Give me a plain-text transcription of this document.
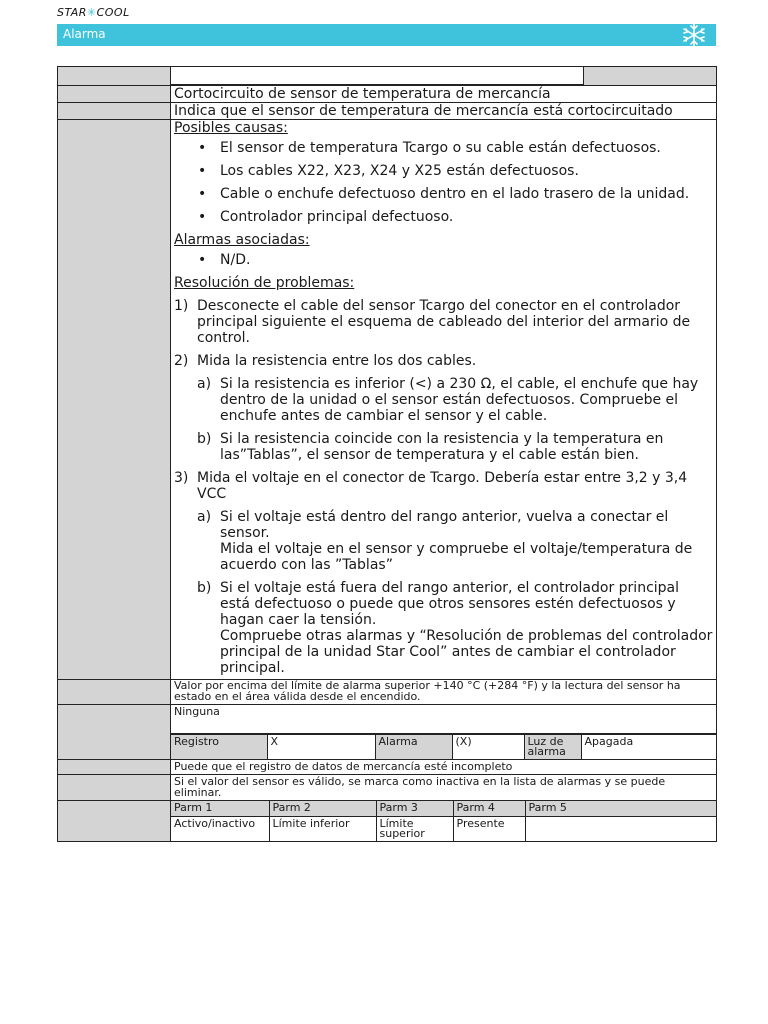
STAR✳COOL
Alarma

	Cortocircuito de sensor de temperatura de mercancía
	Indica que el sensor de temperatura de mercancía está cortocircuitado

Posibles causas:

• El sensor de temperatura Tcargo o su cable están defectuosos.
• Los cables X22, X23, X24 y X25 están defectuosos.
• Cable o enchufe defectuoso dentro en el lado trasero de la unidad.
• Controlador principal defectuoso.

Alarmas asociadas:

• N/D.

Resolución de problemas:

1) Desconecte el cable del sensor Tcargo del conector en el controlador principal siguiente el esquema de cableado del interior del armario de control.

2) Mida la resistencia entre los dos cables.

a) Si la resistencia es inferior (<) a 230 Ω, el cable, el enchufe que hay dentro de la unidad o el sensor están defectuosos. Compruebe el enchufe antes de cambiar el sensor y el cable.

b) Si la resistencia coincide con la resistencia y la temperatura en las”Tablas”, el sensor de temperatura y el cable están bien.

3) Mida el voltaje en el conector de Tcargo. Debería estar entre 3,2 y 3,4 VCC

a) Si el voltaje está dentro del rango anterior, vuelva a conectar el sensor.

Mida el voltaje en el sensor y compruebe el voltaje/temperatura de acuerdo con las ”Tablas”

b) Si el voltaje está fuera del rango anterior, el controlador principal está defectuoso o puede que otros sensores estén defectuosos y hagan caer la tensión.

Compruebe otras alarmas y “Resolución de problemas del controlador principal de la unidad Star Cool” antes de cambiar el controlador principal.

	Valor por encima del límite de alarma superior +140 °C (+284 °F) y la lectura del sensor ha estado en el área válida desde el encendido.

Ninguna
Registro	X	Alarma	(X)	Luz de alarma	Apagada

	Puede que el registro de datos de mercancía esté incompleto
	Si el valor del sensor es válido, se marca como inactiva en la lista de alarmas y se puede eliminar.

Parm 1	Parm 2	Parm 3	Parm 4	Parm 5
Activo/inactivo	Límite inferior	Límite superior	Presente	
